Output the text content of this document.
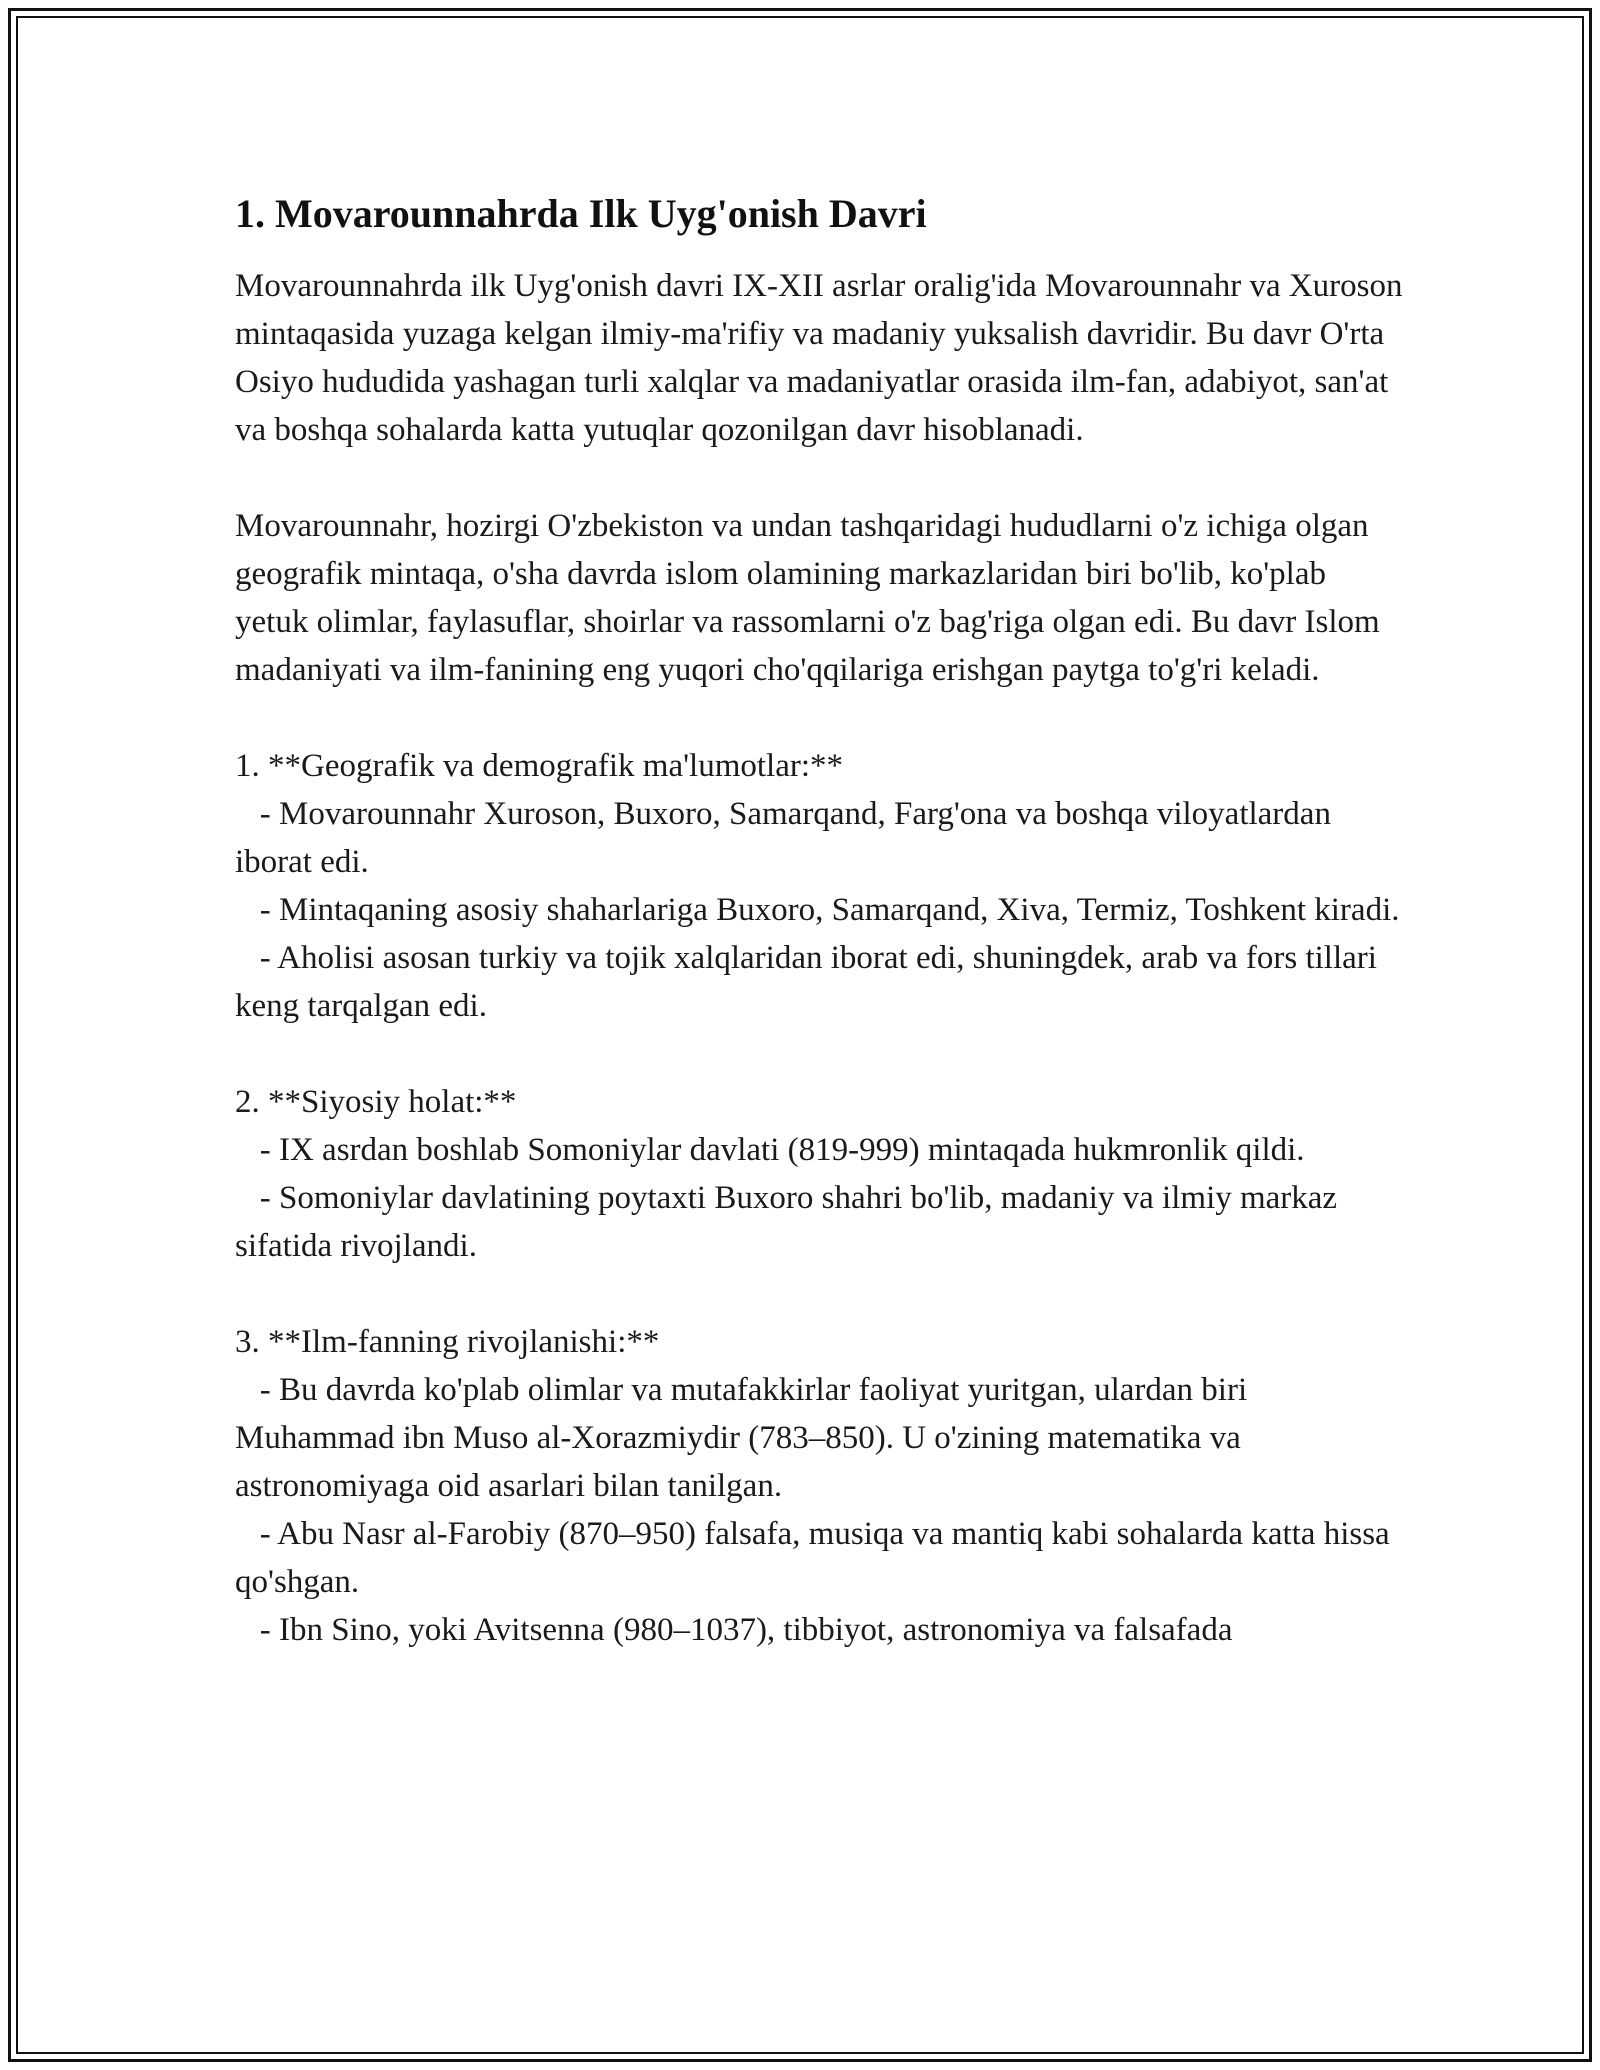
1. Movarounnahrda Ilk Uyg'onish Davri

Movarounnahrda ilk Uyg'onish davri IX-XII asrlar oralig'ida Movarounnahr va Xuroson mintaqasida yuzaga kelgan ilmiy-ma'rifiy va madaniy yuksalish davridir. Bu davr O'rta Osiyo hududida yashagan turli xalqlar va madaniyatlar orasida ilm-fan, adabiyot, san'at va boshqa sohalarda katta yutuqlar qozonilgan davr hisoblanadi.

Movarounnahr, hozirgi O'zbekiston va undan tashqaridagi hududlarni o'z ichiga olgan geografik mintaqa, o'sha davrda islom olamining markazlaridan biri bo'lib, ko'plab yetuk olimlar, faylasuflar, shoirlar va rassomlarni o'z bag'riga olgan edi. Bu davr Islom madaniyati va ilm-fanining eng yuqori cho'qqilariga erishgan paytga to'g'ri keladi.

1. **Geografik va demografik ma'lumotlar:**
- Movarounnahr Xuroson, Buxoro, Samarqand, Farg'ona va boshqa viloyatlardan iborat edi.
- Mintaqaning asosiy shaharlariga Buxoro, Samarqand, Xiva, Termiz, Toshkent kiradi.
- Aholisi asosan turkiy va tojik xalqlaridan iborat edi, shuningdek, arab va fors tillari keng tarqalgan edi.

2. **Siyosiy holat:**
- IX asrdan boshlab Somoniylar davlati (819-999) mintaqada hukmronlik qildi.
- Somoniylar davlatining poytaxti Buxoro shahri bo'lib, madaniy va ilmiy markaz sifatida rivojlandi.

3. **Ilm-fanning rivojlanishi:**
- Bu davrda ko'plab olimlar va mutafakkirlar faoliyat yuritgan, ulardan biri Muhammad ibn Muso al-Xorazmiydir (783–850). U o'zining matematika va astronomiyaga oid asarlari bilan tanilgan.
- Abu Nasr al-Farobiy (870–950) falsafa, musiqa va mantiq kabi sohalarda katta hissa qo'shgan.
- Ibn Sino, yoki Avitsenna (980–1037), tibbiyot, astronomiya va falsafada
